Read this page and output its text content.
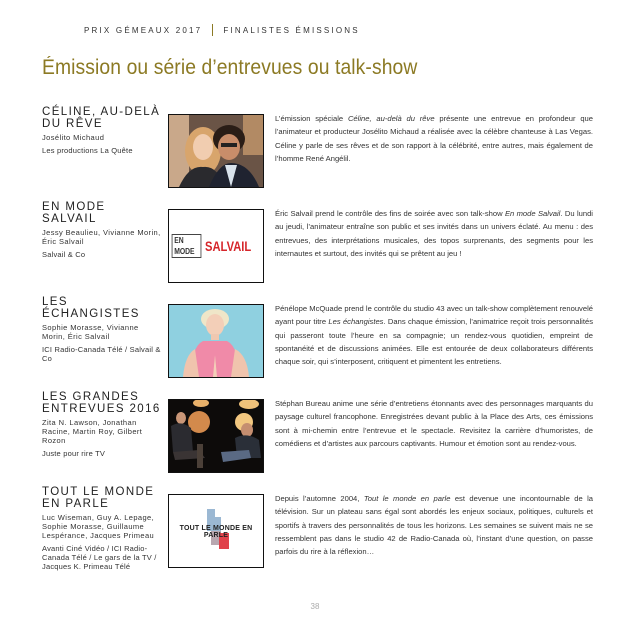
PRIX GÉMEAUX 2017	FINALISTES ÉMISSIONS
Émission ou série d’entrevues ou talk-show
CÉLINE, AU-DELÀ DU RÊVE
Josélito Michaud
Les productions La Quête
L’émission spéciale Céline, au-delà du rêve présente une entrevue en profondeur que l’animateur et producteur Josélito Michaud a réalisée avec la célèbre chanteuse à Las Vegas. Céline y parle de ses rêves et de son rapport à la célébrité, entre autres, mais également de l’homme René Angélil.
EN MODE SALVAIL
Jessy Beaulieu, Vivianne Morin, Éric Salvail
Salvail & Co
EN MODE SALVAIL
Éric Salvail prend le contrôle des fins de soirée avec son talk-show En mode Salvail. Du lundi au jeudi, l’animateur entraîne son public et ses invités dans un univers éclaté. Au menu : des entrevues, des interprétations musicales, des topos surprenants, des segments pour les internautes et surtout, des invités qui se prêtent au jeu !
LES ÉCHANGISTES
Sophie Morasse, Vivianne Morin, Éric Salvail
ICI Radio-Canada Télé / Salvail & Co
Pénélope McQuade prend le contrôle du studio 43 avec un talk-show complètement renouvelé ayant pour titre Les échangistes. Dans chaque émission, l’animatrice reçoit trois personnalités qui passeront toute l’heure en sa compagnie; un rendez-vous quotidien, empreint de spontanéité et de discussions animées. Elle est entourée de deux collaborateurs différents chaque soir, qui s’interposent, critiquent et pimentent les entretiens.
LES GRANDES ENTREVUES 2016
Zita N. Lawson, Jonathan Racine, Martin Roy, Gilbert Rozon
Juste pour rire TV
Stéphan Bureau anime une série d’entretiens étonnants avec des personnages marquants du paysage culturel francophone. Enregistrées devant public à la Place des Arts, ces émissions sont à mi-chemin entre l’entrevue et le spectacle. Revisitez la carrière d’humoristes, de comédiens et d’artistes aux parcours captivants. Humour et émotion sont au rendez-vous.
TOUT LE MONDE EN PARLE
Luc Wiseman, Guy A. Lepage, Sophie Morasse, Guillaume Lespérance, Jacques Primeau
Avanti Ciné Vidéo / ICI Radio-Canada Télé / Le gars de la TV / Jacques K. Primeau Télé
TOUT LE MONDE EN PARLE
Depuis l’automne 2004, Tout le monde en parle est devenue une incontournable de la télévision. Sur un plateau sans égal sont abordés les enjeux sociaux, politiques, culturels et sportifs à travers des personnalités de tous les horizons. Les semaines se suivent mais ne se ressemblent pas dans le studio 42 de Radio-Canada où, l’instant d’une question, on passe parfois du rire à la réflexion…
38
